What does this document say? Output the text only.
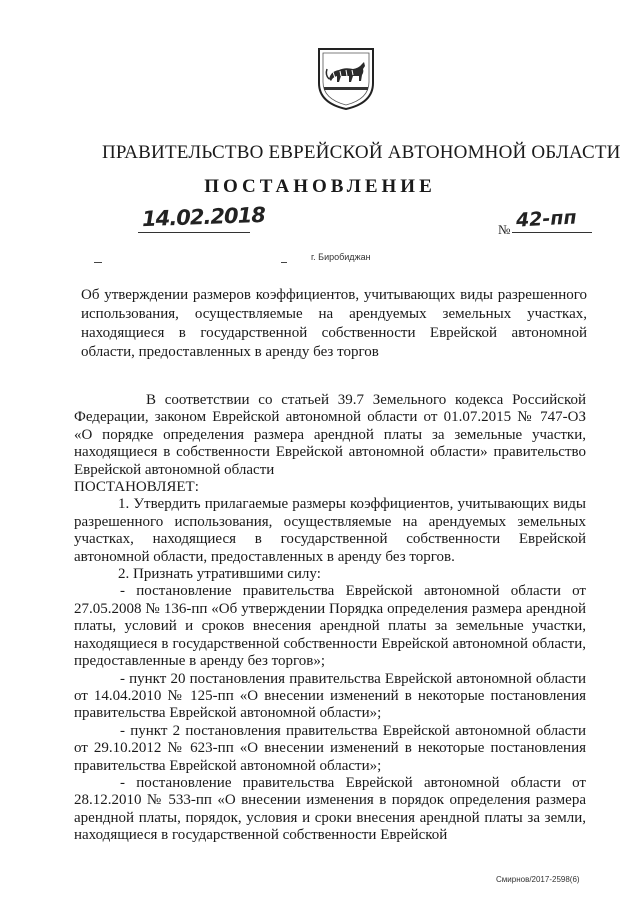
ПРАВИТЕЛЬСТВО ЕВРЕЙСКОЙ АВТОНОМНОЙ ОБЛАСТИ
ПОСТАНОВЛЕНИЕ
14.02.2018	№ 42-пп
г. Биробиджан
Об утверждении размеров коэффициентов, учитывающих виды разрешенного использования, осуществляемые на арендуемых земельных участках, находящиеся в государственной собственности Еврейской автономной области, предоставленных в аренду без торгов

В соответствии со статьей 39.7 Земельного кодекса Российской Федерации, законом Еврейской автономной области от 01.07.2015 № 747-ОЗ «О порядке определения размера арендной платы за земельные участки, находящиеся в собственности Еврейской автономной области» правительство Еврейской автономной области

ПОСТАНОВЛЯЕТ:

1. Утвердить прилагаемые размеры коэффициентов, учитывающих виды разрешенного использования, осуществляемые на арендуемых земельных участках, находящиеся в государственной собственности Еврейской автономной области, предоставленных в аренду без торгов.

2. Признать утратившими силу:

- постановление правительства Еврейской автономной области от 27.05.2008 № 136-пп «Об утверждении Порядка определения размера арендной платы, условий и сроков внесения арендной платы за земельные участки, находящиеся в государственной собственности Еврейской автономной области, предоставленные в аренду без торгов»;

- пункт 20 постановления правительства Еврейской автономной области от 14.04.2010 № 125-пп «О внесении изменений в некоторые постановления правительства Еврейской автономной области»;

- пункт 2 постановления правительства Еврейской автономной области от 29.10.2012 № 623-пп «О внесении изменений в некоторые постановления правительства Еврейской автономной области»;

- постановление правительства Еврейской автономной области от 28.12.2010 № 533-пп «О внесении изменения в порядок определения размера арендной платы, порядок, условия и сроки внесения арендной платы за земли, находящиеся в государственной собственности Еврейской

Смирнов/2017-2598(6)
